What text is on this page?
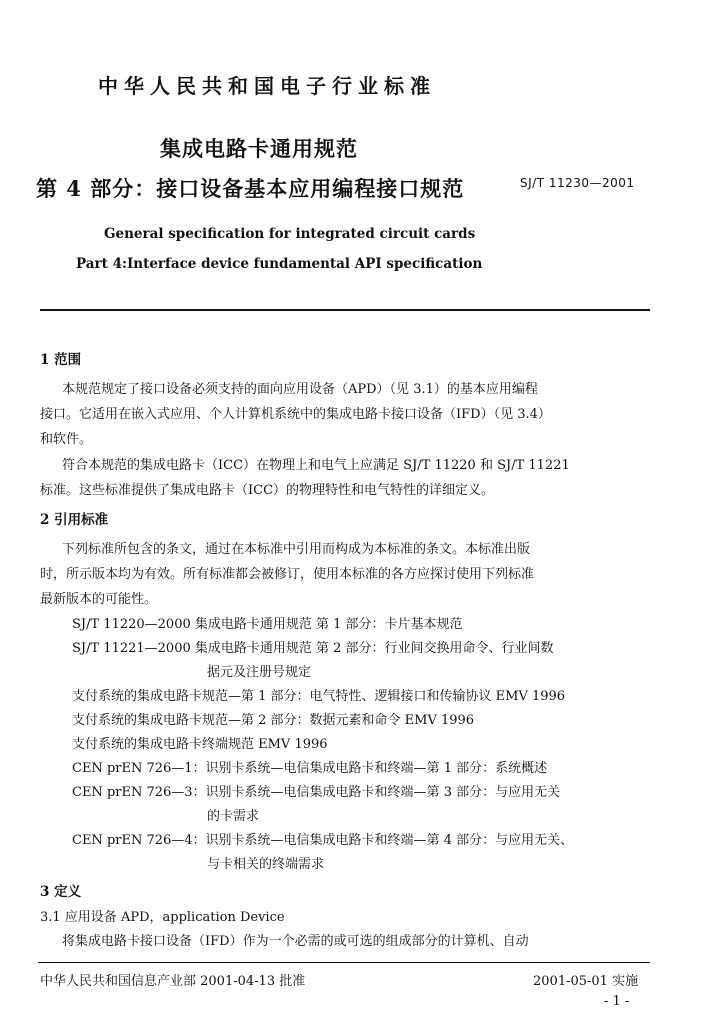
中华人民共和国电子行业标准
集成电路卡通用规范
第 4 部分：接口设备基本应用编程接口规范	SJ/T 11230—2001
General specification for integrated circuit cards
Part 4:Interface device fundamental API specification
1 范围
本规范规定了接口设备必须支持的面向应用设备（APD）（见 3.1）的基本应用编程
接口。它适用在嵌入式应用、个人计算机系统中的集成电路卡接口设备（IFD）（见 3.4）
和软件。
符合本规范的集成电路卡（ICC）在物理上和电气上应满足 SJ/T 11220 和 SJ/T 11221
标准。这些标准提供了集成电路卡（ICC）的物理特性和电气特性的详细定义。
2 引用标准
下列标准所包含的条文，通过在本标准中引用而构成为本标准的条文。本标准出版
时，所示版本均为有效。所有标准都会被修订，使用本标准的各方应探讨使用下列标准
最新版本的可能性。
SJ/T 11220—2000 集成电路卡通用规范 第 1 部分：卡片基本规范
SJ/T 11221—2000 集成电路卡通用规范 第 2 部分：行业间交换用命令、行业间数
据元及注册号规定
支付系统的集成电路卡规范—第 1 部分：电气特性、逻辑接口和传输协议 EMV 1996
支付系统的集成电路卡规范—第 2 部分：数据元素和命令 EMV 1996
支付系统的集成电路卡终端规范 EMV 1996
CEN prEN 726—1：识别卡系统—电信集成电路卡和终端—第 1 部分：系统概述
CEN prEN 726—3：识别卡系统—电信集成电路卡和终端—第 3 部分：与应用无关
的卡需求
CEN prEN 726—4：识别卡系统—电信集成电路卡和终端—第 4 部分：与应用无关、
与卡相关的终端需求
3 定义
3.1 应用设备 APD，application Device
将集成电路卡接口设备（IFD）作为一个必需的或可选的组成部分的计算机、自动
中华人民共和国信息产业部 2001-04-13 批准	2001-05-01 实施
- 1 -
